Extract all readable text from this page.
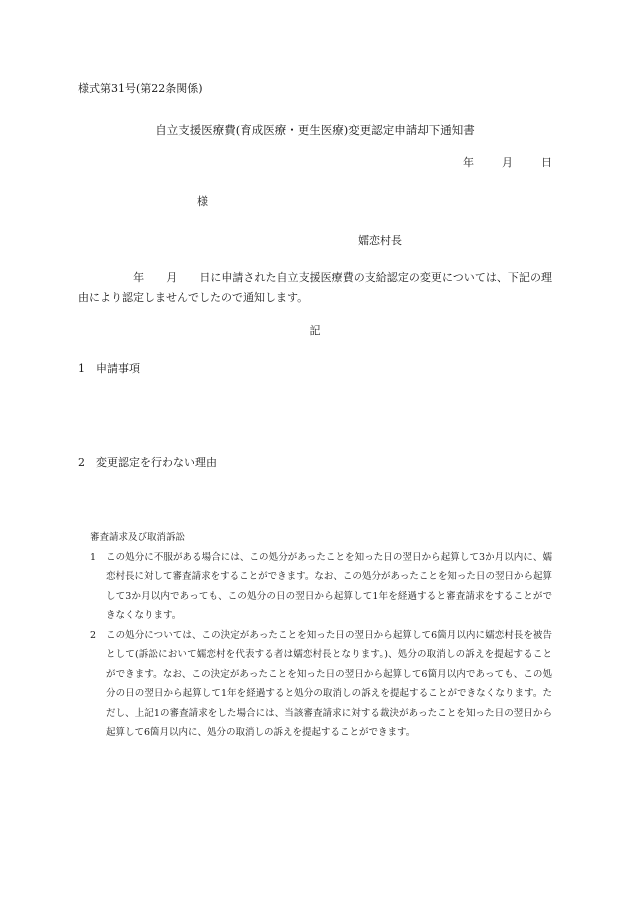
様式第31号(第22条関係)
自立支援医療費(育成医療・更生医療)変更認定申請却下通知書
年	月	日
様
嬬恋村長
　　　　　年　　月　　日に申請された自立支援医療費の支給認定の変更については、下記の理由により認定しませんでしたので通知します。
記
1　申請事項
2　変更認定を行わない理由
審査請求及び取消訴訟
1 この処分に不服がある場合には、この処分があったことを知った日の翌日から起算して3か月以内に、嬬恋村長に対して審査請求をすることができます。なお、この処分があったことを知った日の翌日から起算して3か月以内であっても、この処分の日の翌日から起算して1年を経過すると審査請求をすることができなくなります。
2 この処分については、この決定があったことを知った日の翌日から起算して6箇月以内に嬬恋村長を被告として(訴訟において嬬恋村を代表する者は嬬恋村長となります。)、処分の取消しの訴えを提起することができます。なお、この決定があったことを知った日の翌日から起算して6箇月以内であっても、この処分の日の翌日から起算して1年を経過すると処分の取消しの訴えを提起することができなくなります。ただし、上記1の審査請求をした場合には、当該審査請求に対する裁決があったことを知った日の翌日から起算して6箇月以内に、処分の取消しの訴えを提起することができます。
